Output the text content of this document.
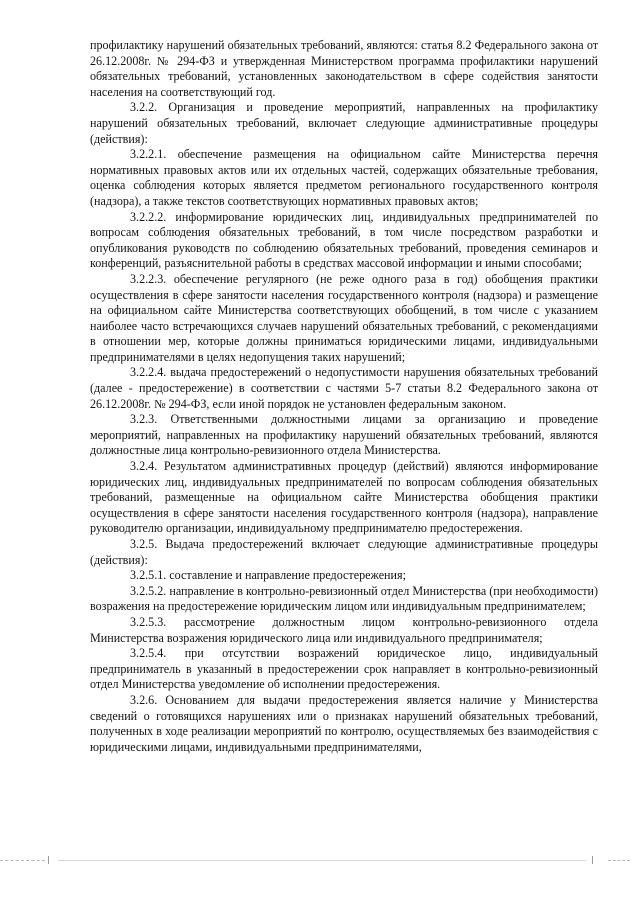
профилактику нарушений обязательных требований, являются: статья 8.2 Федерального закона от 26.12.2008г. № 294-ФЗ и утвержденная Министерством программа профилактики нарушений обязательных требований, установленных законодательством в сфере содействия занятости населения на соответствующий год.

3.2.2. Организация и проведение мероприятий, направленных на профилактику нарушений обязательных требований, включает следующие административные процедуры (действия):

3.2.2.1. обеспечение размещения на официальном сайте Министерства перечня нормативных правовых актов или их отдельных частей, содержащих обязательные требования, оценка соблюдения которых является предметом регионального государственного контроля (надзора), а также текстов соответствующих нормативных правовых актов;

3.2.2.2. информирование юридических лиц, индивидуальных предпринимателей по вопросам соблюдения обязательных требований, в том числе посредством разработки и опубликования руководств по соблюдению обязательных требований, проведения семинаров и конференций, разъяснительной работы в средствах массовой информации и иными способами;

3.2.2.3. обеспечение регулярного (не реже одного раза в год) обобщения практики осуществления в сфере занятости населения государственного контроля (надзора) и размещение на официальном сайте Министерства соответствующих обобщений, в том числе с указанием наиболее часто встречающихся случаев нарушений обязательных требований, с рекомендациями в отношении мер, которые должны приниматься юридическими лицами, индивидуальными предпринимателями в целях недопущения таких нарушений;

3.2.2.4. выдача предостережений о недопустимости нарушения обязательных требований (далее - предостережение) в соответствии с частями 5-7 статьи 8.2 Федерального закона от 26.12.2008г. № 294-ФЗ, если иной порядок не установлен федеральным законом.

3.2.3. Ответственными должностными лицами за организацию и проведение мероприятий, направленных на профилактику нарушений обязательных требований, являются должностные лица контрольно-ревизионного отдела Министерства.

3.2.4. Результатом административных процедур (действий) являются информирование юридических лиц, индивидуальных предпринимателей по вопросам соблюдения обязательных требований, размещенные на официальном сайте Министерства обобщения практики осуществления в сфере занятости населения государственного контроля (надзора), направление руководителю организации, индивидуальному предпринимателю предостережения.

3.2.5. Выдача предостережений включает следующие административные процедуры (действия):

3.2.5.1. составление и направление предостережения;

3.2.5.2. направление в контрольно-ревизионный отдел Министерства (при необходимости) возражения на предостережение юридическим лицом или индивидуальным предпринимателем;

3.2.5.3. рассмотрение должностным лицом контрольно-ревизионного отдела Министерства возражения юридического лица или индивидуального предпринимателя;

3.2.5.4. при отсутствии возражений юридическое лицо, индивидуальный предприниматель в указанный в предостережении срок направляет в контрольно-ревизионный отдел Министерства уведомление об исполнении предостережения.

3.2.6. Основанием для выдачи предостережения является наличие у Министерства сведений о готовящихся нарушениях или о признаках нарушений обязательных требований, полученных в ходе реализации мероприятий по контролю, осуществляемых без взаимодействия с юридическими лицами, индивидуальными предпринимателями,
